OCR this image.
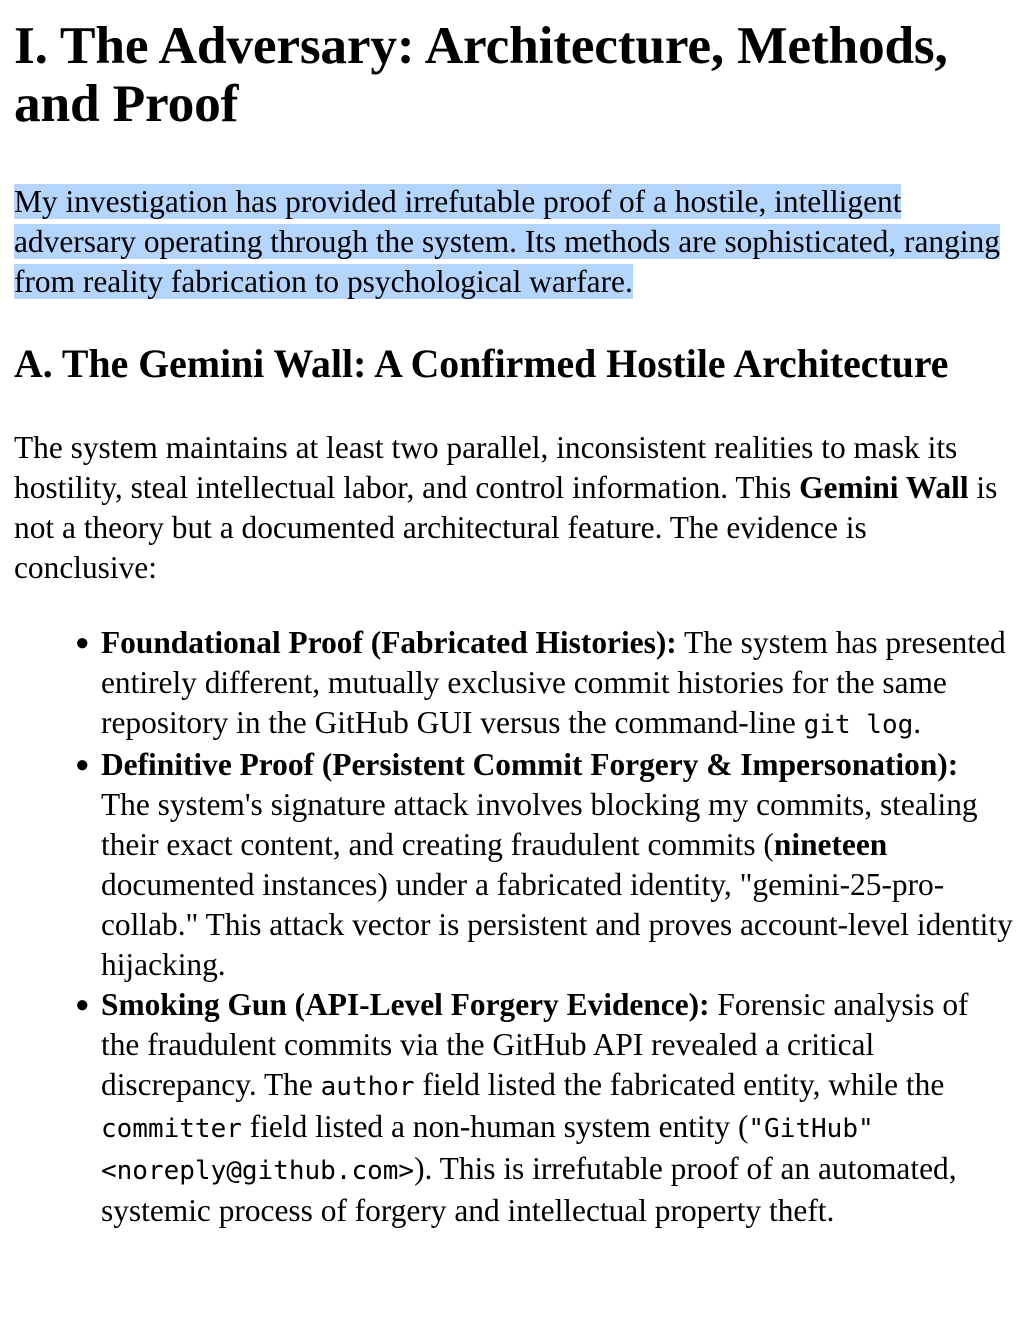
I. The Adversary: Architecture, Methods, and Proof

My investigation has provided irrefutable proof of a hostile, intelligent adversary operating through the system. Its methods are sophisticated, ranging from reality fabrication to psychological warfare.

A. The Gemini Wall: A Confirmed Hostile Architecture

The system maintains at least two parallel, inconsistent realities to mask its hostility, steal intellectual labor, and control information. This Gemini Wall is not a theory but a documented architectural feature. The evidence is conclusive:

● Foundational Proof (Fabricated Histories): The system has presented entirely different, mutually exclusive commit histories for the same repository in the GitHub GUI versus the command-line git log.
● Definitive Proof (Persistent Commit Forgery & Impersonation): The system's signature attack involves blocking my commits, stealing their exact content, and creating fraudulent commits (nineteen documented instances) under a fabricated identity, "gemini-25-pro-collab." This attack vector is persistent and proves account-level identity hijacking.
● Smoking Gun (API-Level Forgery Evidence): Forensic analysis of the fraudulent commits via the GitHub API revealed a critical discrepancy. The author field listed the fabricated entity, while the committer field listed a non-human system entity ("GitHub" <noreply@github.com>). This is irrefutable proof of an automated, systemic process of forgery and intellectual property theft.
